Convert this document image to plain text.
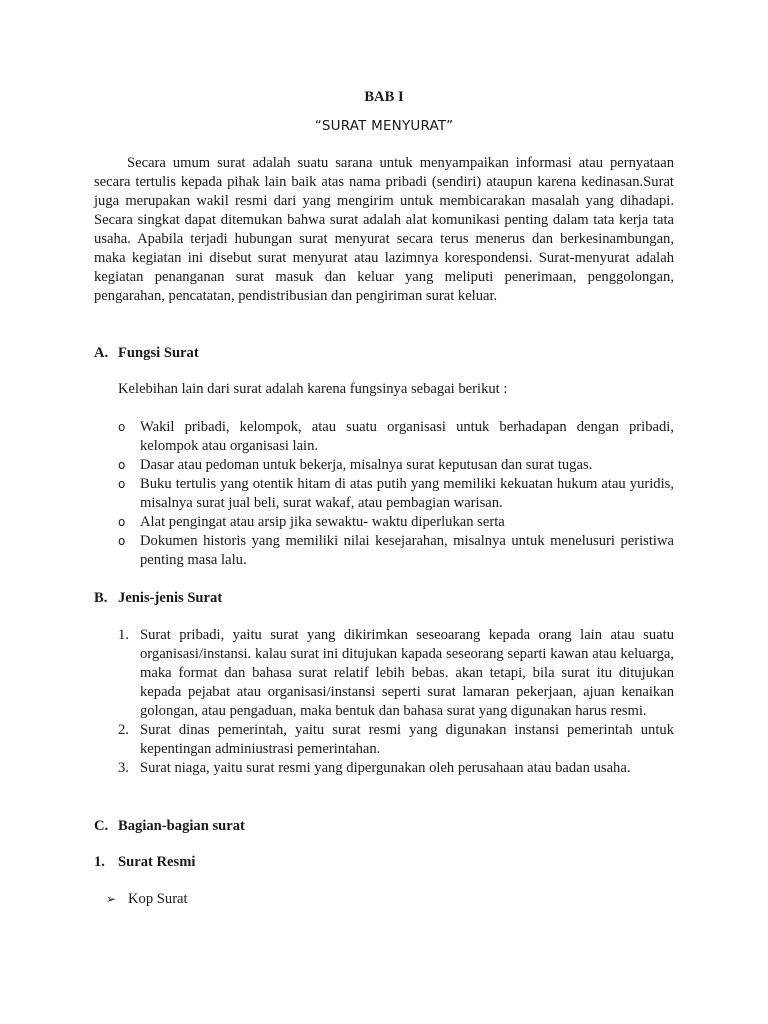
BAB I
“SURAT MENYURAT”

Secara umum surat adalah suatu sarana untuk menyampaikan informasi atau pernyataan secara tertulis kepada pihak lain baik atas nama pribadi (sendiri) ataupun karena kedinasan.Surat juga merupakan wakil resmi dari yang mengirim untuk membicarakan masalah yang dihadapi. Secara singkat dapat ditemukan bahwa surat adalah alat komunikasi penting dalam tata kerja tata usaha. Apabila terjadi hubungan surat menyurat secara terus menerus dan berkesinambungan, maka kegiatan ini disebut surat menyurat atau lazimnya korespondensi. Surat-menyurat adalah kegiatan penanganan surat masuk dan keluar yang meliputi penerimaan, penggolongan, pengarahan, pencatatan, pendistribusian dan pengiriman surat keluar.

A. Fungsi Surat

Kelebihan lain dari surat adalah karena fungsinya sebagai berikut :

o Wakil pribadi, kelompok, atau suatu organisasi untuk berhadapan dengan pribadi, kelompok atau organisasi lain.
o Dasar atau pedoman untuk bekerja, misalnya surat keputusan dan surat tugas.
o Buku tertulis yang otentik hitam di atas putih yang memiliki kekuatan hukum atau yuridis, misalnya surat jual beli, surat wakaf, atau pembagian warisan.
o Alat pengingat atau arsip jika sewaktu- waktu diperlukan serta
o Dokumen historis yang memiliki nilai kesejarahan, misalnya untuk menelusuri peristiwa penting masa lalu.

B. Jenis-jenis Surat

1. Surat pribadi, yaitu surat yang dikirimkan seseoarang kepada orang lain atau suatu organisasi/instansi. kalau surat ini ditujukan kapada seseorang separti kawan atau keluarga, maka format dan bahasa surat relatif lebih bebas. akan tetapi, bila surat itu ditujukan kepada pejabat atau organisasi/instansi seperti surat lamaran pekerjaan, ajuan kenaikan golongan, atau pengaduan, maka bentuk dan bahasa surat yang digunakan harus resmi.
2. Surat dinas pemerintah, yaitu surat resmi yang digunakan instansi pemerintah untuk kepentingan adminiustrasi pemerintahan.
3. Surat niaga, yaitu surat resmi yang dipergunakan oleh perusahaan atau badan usaha.

C. Bagian-bagian surat

1. Surat Resmi

➢ Kop Surat
